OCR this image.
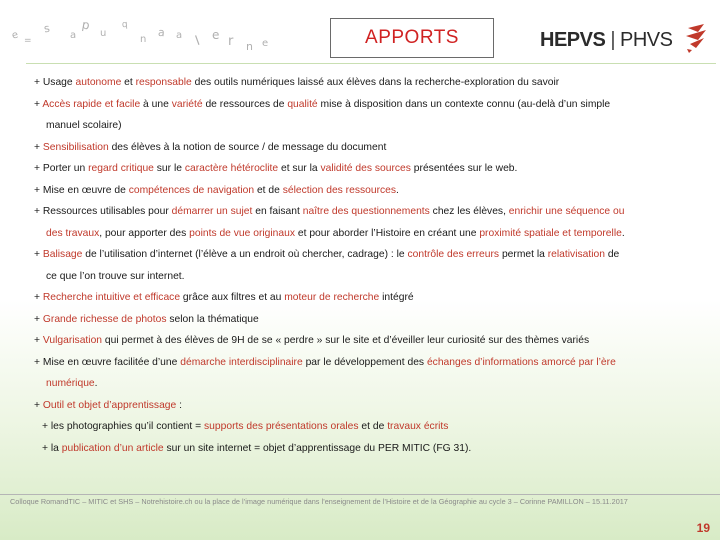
e =
s
a
p
u
q
n
a a l e r n e	APPORTS	HEPVS | PHVS
+ Usage autonome et responsable des outils numériques laissé aux élèves dans la recherche-exploration du savoir
+ Accès rapide et facile à une variété de ressources de qualité mise à disposition dans un contexte connu (au-delà d’un simple
manuel scolaire)
+ Sensibilisation des élèves à la notion de source / de message du document
+ Porter un regard critique sur le caractère hétéroclite et sur la validité des sources présentées sur le web.
+ Mise en œuvre de compétences de navigation et de sélection des ressources.
+ Ressources utilisables pour démarrer un sujet en faisant naître des questionnements chez les élèves, enrichir une séquence ou
des travaux, pour apporter des points de vue originaux et pour aborder l’Histoire en créant une proximité spatiale et temporelle.
+ Balisage de l’utilisation d’internet (l’élève a un endroit où chercher, cadrage) : le contrôle des erreurs permet la relativisation de
ce que l’on trouve sur internet.
+ Recherche intuitive et efficace grâce aux filtres et au moteur de recherche intégré
+ Grande richesse de photos selon la thématique
+ Vulgarisation qui permet à des élèves de 9H de se « perdre » sur le site et d’éveiller leur curiosité sur des thèmes variés
+ Mise en œuvre facilitée d’une démarche interdisciplinaire par le développement des échanges d’informations amorcé par l’ère
numérique.
+ Outil et objet d’apprentissage :
+ les photographies qu’il contient = supports des présentations orales et de travaux écrits
+ la publication d’un article sur un site internet = objet d’apprentissage du PER MITIC (FG 31).
Colloque RomandTIC – MITIC et SHS – Notrehistoire.ch ou la place de l’image numérique dans l’enseignement de l’Histoire et de la Géographie au cycle 3 – Corinne PAMILLON – 15.11.2017
19
